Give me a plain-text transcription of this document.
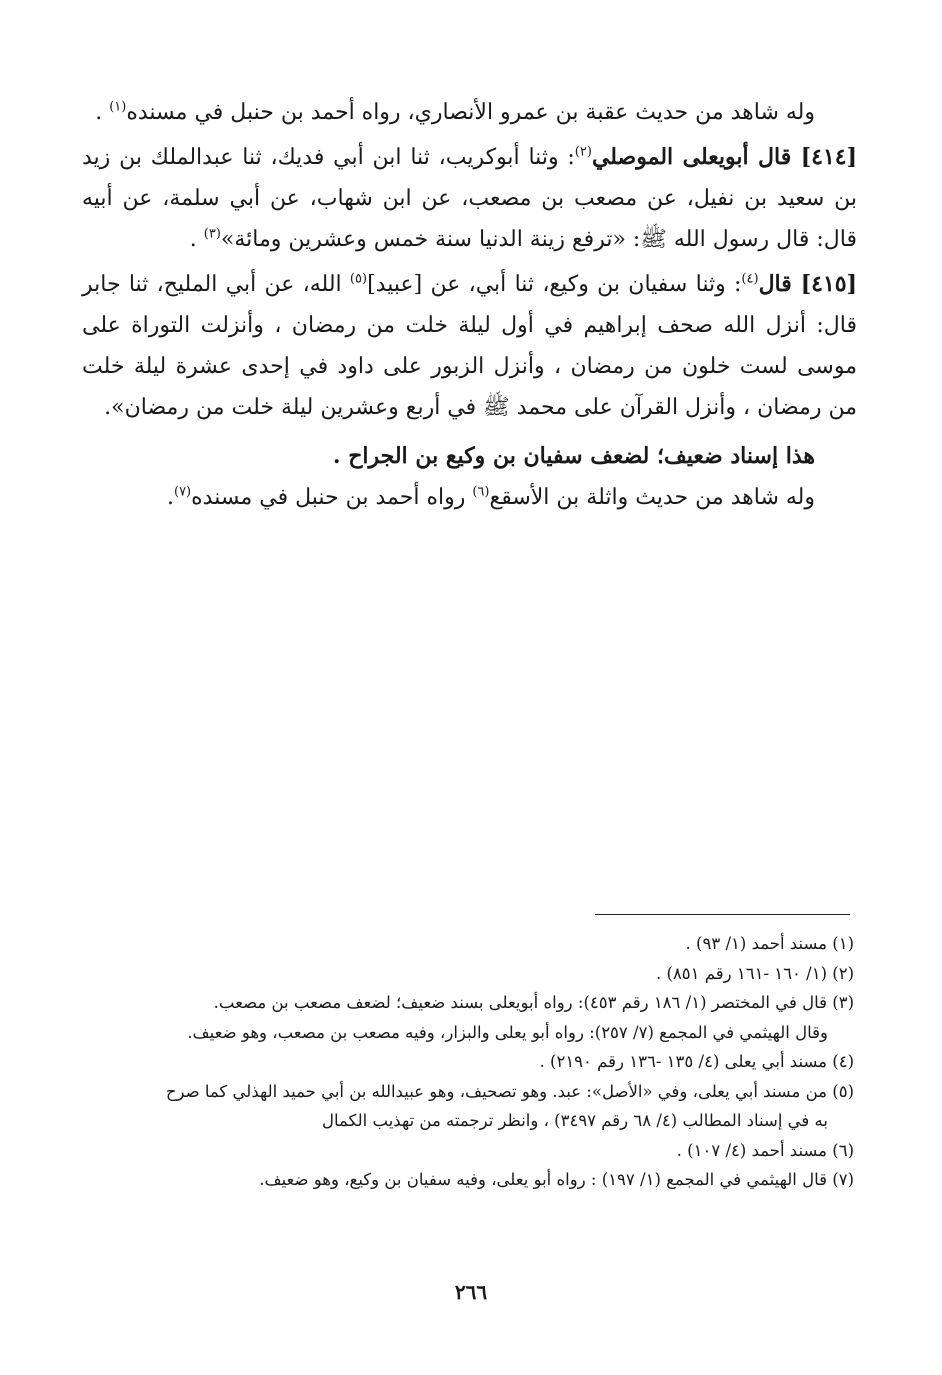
وله شاهد من حديث عقبة بن عمرو الأنصاري، رواه أحمد بن حنبل في مسنده$^{(١)}$ .

[٤١٤] قال أبويعلى الموصلي$^{(٢)}$: وثنا أبوكريب، ثنا ابن أبي فديك، ثنا عبدالملك بن زيد بن سعيد بن نفيل، عن مصعب بن مصعب، عن ابن شهاب، عن أبي سلمة، عن أبيه قال: قال رسول الله ﷺ: «ترفع زينة الدنيا سنة خمس وعشرين ومائة»$^{(٣)}$ .

[٤١٥] قال$^{(٤)}$: وثنا سفيان بن وكيع، ثنا أبي، عن [عبيد]$^{(٥)}$ الله، عن أبي المليح، ثنا جابر قال: أنزل الله صحف إبراهيم في أول ليلة خلت من رمضان ، وأنزلت التوراة على موسى لست خلون من رمضان ، وأنزل الزبور على داود في إحدى عشرة ليلة خلت من رمضان ، وأنزل القرآن على محمد ﷺ في أربع وعشرين ليلة خلت من رمضان».

هذا إسناد ضعيف؛ لضعف سفيان بن وكيع بن الجراح .

وله شاهد من حديث واثلة بن الأسقع$^{(٦)}$ رواه أحمد بن حنبل في مسنده$^{(٧)}$.

(١) مسند أحمد (١/ ٩٣) .

(٢) (١/ ١٦٠ -١٦١ رقم ٨٥١) .

(٣) قال في المختصر (١/ ١٨٦ رقم ٤٥٣): رواه أبويعلى بسند ضعيف؛ لضعف مصعب بن مصعب.

وقال الهيثمي في المجمع (٧/ ٢٥٧): رواه أبو يعلى والبزار، وفيه مصعب بن مصعب، وهو ضعيف.

(٤) مسند أبي يعلى (٤/ ١٣٥ -١٣٦ رقم ٢١٩٠) .

(٥) من مسند أبي يعلى، وفي «الأصل»: عبد. وهو تصحيف، وهو عبيدالله بن أبي حميد الهذلي كما صرح

به في إسناد المطالب (٤/ ٦٨ رقم ٣٤٩٧) ، وانظر ترجمته من تهذيب الكمال

(٦) مسند أحمد (٤/ ١٠٧) .

(٧) قال الهيثمي في المجمع (١/ ١٩٧) : رواه أبو يعلى، وفيه سفيان بن وكيع، وهو ضعيف.

٢٦٦
